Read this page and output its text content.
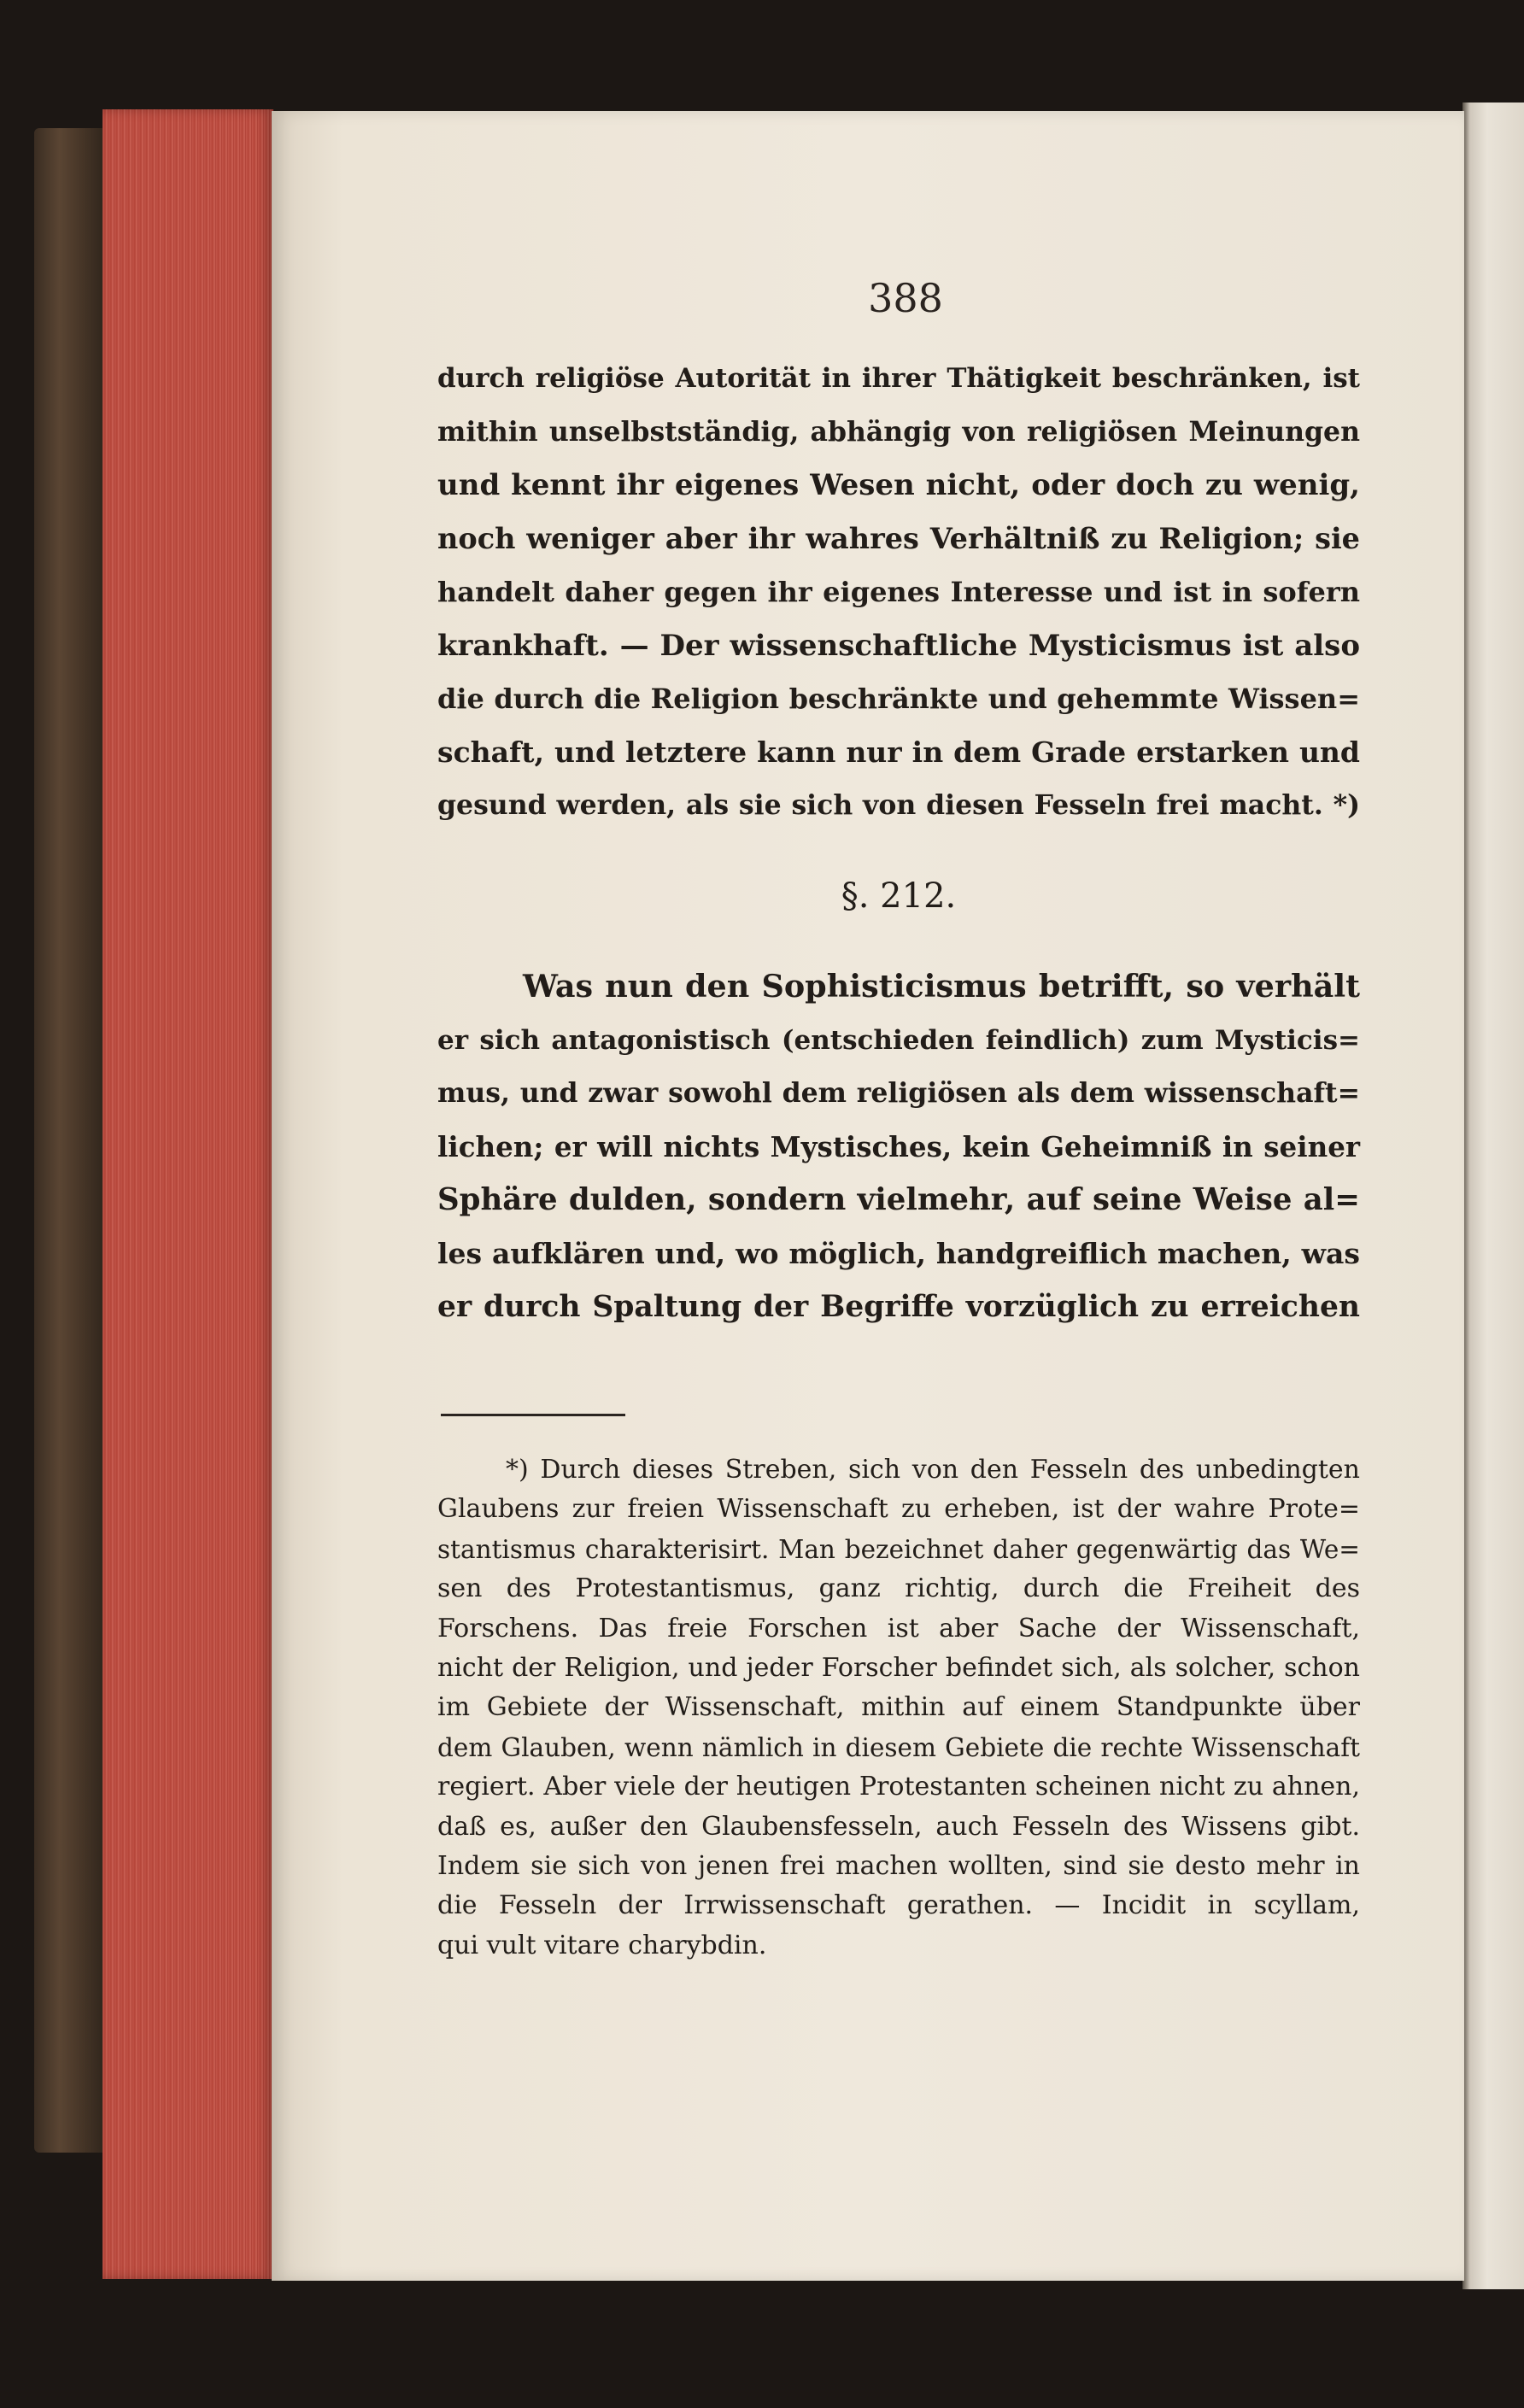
388
durch religiöse Autorität in ihrer Thätigkeit beschränken, ist
mithin unselbstständig, abhängig von religiösen Meinungen
und kennt ihr eigenes Wesen nicht, oder doch zu wenig,
noch weniger aber ihr wahres Verhältniß zu Religion; sie
handelt daher gegen ihr eigenes Interesse und ist in sofern
krankhaft. — Der wissenschaftliche Mysticismus ist also
die durch die Religion beschränkte und gehemmte Wissen=
schaft, und letztere kann nur in dem Grade erstarken und
gesund werden, als sie sich von diesen Fesseln frei macht. *)
§. 212.
Was nun den Sophisticismus betrifft, so verhält
er sich antagonistisch (entschieden feindlich) zum Mysticis=
mus, und zwar sowohl dem religiösen als dem wissenschaft=
lichen; er will nichts Mystisches, kein Geheimniß in seiner
Sphäre dulden, sondern vielmehr, auf seine Weise al=
les aufklären und, wo möglich, handgreiflich machen, was
er durch Spaltung der Begriffe vorzüglich zu erreichen
*) Durch dieses Streben, sich von den Fesseln des unbedingten
Glaubens zur freien Wissenschaft zu erheben, ist der wahre Prote=
stantismus charakterisirt. Man bezeichnet daher gegenwärtig das We=
sen des Protestantismus, ganz richtig, durch die Freiheit des
Forschens. Das freie Forschen ist aber Sache der Wissenschaft,
nicht der Religion, und jeder Forscher befindet sich, als solcher, schon
im Gebiete der Wissenschaft, mithin auf einem Standpunkte über
dem Glauben, wenn nämlich in diesem Gebiete die rechte Wissenschaft
regiert. Aber viele der heutigen Protestanten scheinen nicht zu ahnen,
daß es, außer den Glaubensfesseln, auch Fesseln des Wissens gibt.
Indem sie sich von jenen frei machen wollten, sind sie desto mehr in
die Fesseln der Irrwissenschaft gerathen. — Incidit in scyllam,
qui vult vitare charybdin.
